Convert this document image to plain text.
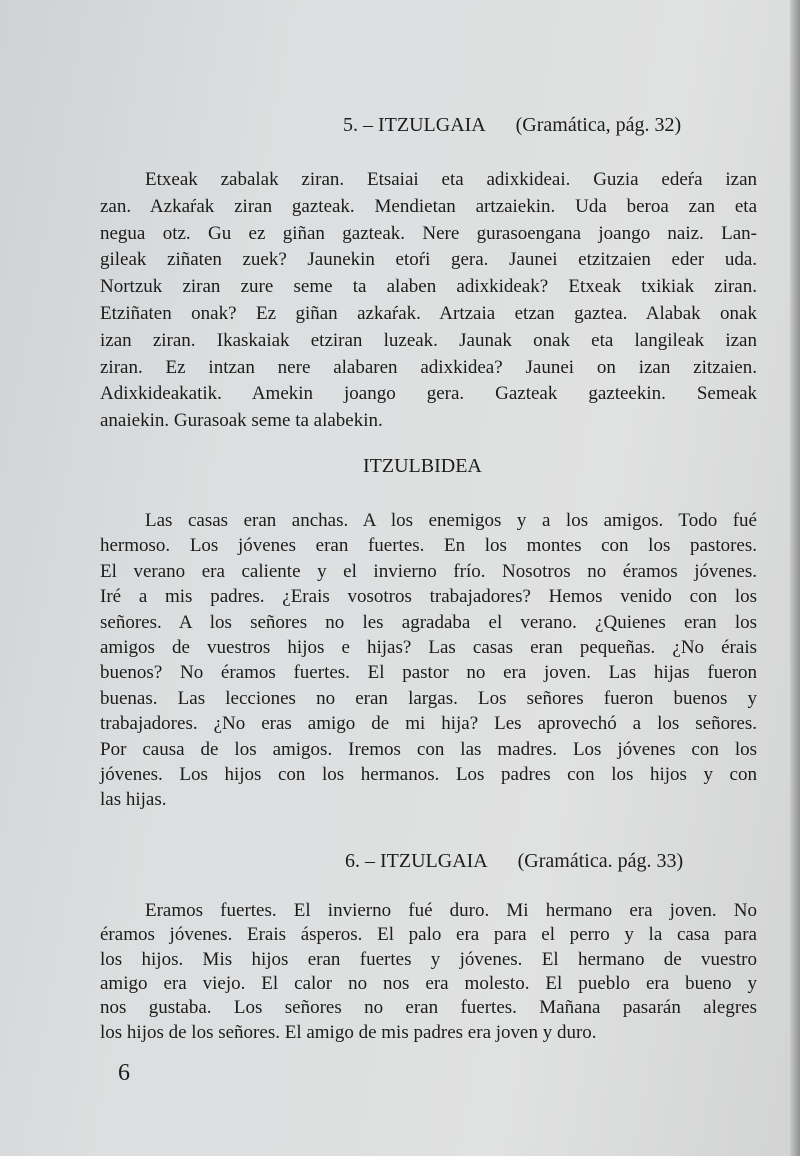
5. – ITZULGAIA (Gramática, pág. 32)
Etxeak zabalak ziran. Etsaiai eta adixkideai. Guzia edeŕa izan
zan. Azkaŕak ziran gazteak. Mendietan artzaiekin. Uda beroa zan eta
negua otz. Gu ez giñan gazteak. Nere gurasoengana joango naiz. Lan-
gileak ziñaten zuek? Jaunekin etoŕi gera. Jaunei etzitzaien eder uda.
Nortzuk ziran zure seme ta alaben adixkideak? Etxeak txikiak ziran.
Etziñaten onak? Ez giñan azkaŕak. Artzaia etzan gaztea. Alabak onak
izan ziran. Ikaskaiak etziran luzeak. Jaunak onak eta langileak izan
ziran. Ez intzan nere alabaren adixkidea? Jaunei on izan zitzaien.
Adixkideakatik. Amekin joango gera. Gazteak gazteekin. Semeak
anaiekin. Gurasoak seme ta alabekin.
ITZULBIDEA
Las casas eran anchas. A los enemigos y a los amigos. Todo fué
hermoso. Los jóvenes eran fuertes. En los montes con los pastores.
El verano era caliente y el invierno frío. Nosotros no éramos jóvenes.
Iré a mis padres. ¿Erais vosotros trabajadores? Hemos venido con los
señores. A los señores no les agradaba el verano. ¿Quienes eran los
amigos de vuestros hijos e hijas? Las casas eran pequeñas. ¿No érais
buenos? No éramos fuertes. El pastor no era joven. Las hijas fueron
buenas. Las lecciones no eran largas. Los señores fueron buenos y
trabajadores. ¿No eras amigo de mi hija? Les aprovechó a los señores.
Por causa de los amigos. Iremos con las madres. Los jóvenes con los
jóvenes. Los hijos con los hermanos. Los padres con los hijos y con
las hijas.
6. – ITZULGAIA (Gramática. pág. 33)
Eramos fuertes. El invierno fué duro. Mi hermano era joven. No
éramos jóvenes. Erais ásperos. El palo era para el perro y la casa para
los hijos. Mis hijos eran fuertes y jóvenes. El hermano de vuestro
amigo era viejo. El calor no nos era molesto. El pueblo era bueno y
nos gustaba. Los señores no eran fuertes. Mañana pasarán alegres
los hijos de los señores. El amigo de mis padres era joven y duro.
6
